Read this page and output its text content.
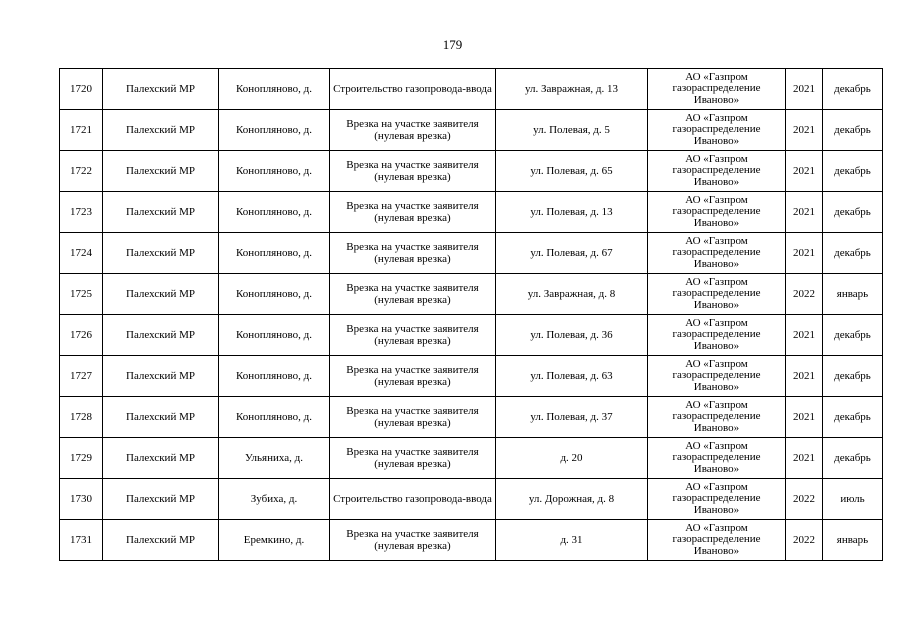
179
1720	Палехский МР	Конопляново, д.	Строительство газопровода-ввода	ул. Завражная, д. 13	АО «Газпром
газораспределение
Иваново»	2021	декабрь
1721	Палехский МР	Конопляново, д.	Врезка на участке заявителя (нулевая врезка)	ул. Полевая, д. 5	АО «Газпром
газораспределение
Иваново»	2021	декабрь
1722	Палехский МР	Конопляново, д.	Врезка на участке заявителя (нулевая врезка)	ул. Полевая, д. 65	АО «Газпром
газораспределение
Иваново»	2021	декабрь
1723	Палехский МР	Конопляново, д.	Врезка на участке заявителя (нулевая врезка)	ул. Полевая, д. 13	АО «Газпром
газораспределение
Иваново»	2021	декабрь
1724	Палехский МР	Конопляново, д.	Врезка на участке заявителя (нулевая врезка)	ул. Полевая, д. 67	АО «Газпром
газораспределение
Иваново»	2021	декабрь
1725	Палехский МР	Конопляново, д.	Врезка на участке заявителя (нулевая врезка)	ул. Завражная, д. 8	АО «Газпром
газораспределение
Иваново»	2022	январь
1726	Палехский МР	Конопляново, д.	Врезка на участке заявителя (нулевая врезка)	ул. Полевая, д. 36	АО «Газпром
газораспределение
Иваново»	2021	декабрь
1727	Палехский МР	Конопляново, д.	Врезка на участке заявителя (нулевая врезка)	ул. Полевая, д. 63	АО «Газпром
газораспределение
Иваново»	2021	декабрь
1728	Палехский МР	Конопляново, д.	Врезка на участке заявителя (нулевая врезка)	ул. Полевая, д. 37	АО «Газпром
газораспределение
Иваново»	2021	декабрь
1729	Палехский МР	Ульяниха, д.	Врезка на участке заявителя (нулевая врезка)	д. 20	АО «Газпром
газораспределение
Иваново»	2021	декабрь
1730	Палехский МР	Зубиха, д.	Строительство газопровода-ввода	ул. Дорожная, д. 8	АО «Газпром
газораспределение
Иваново»	2022	июль
1731	Палехский МР	Еремкино, д.	Врезка на участке заявителя (нулевая врезка)	д. 31	АО «Газпром
газораспределение
Иваново»	2022	январь
